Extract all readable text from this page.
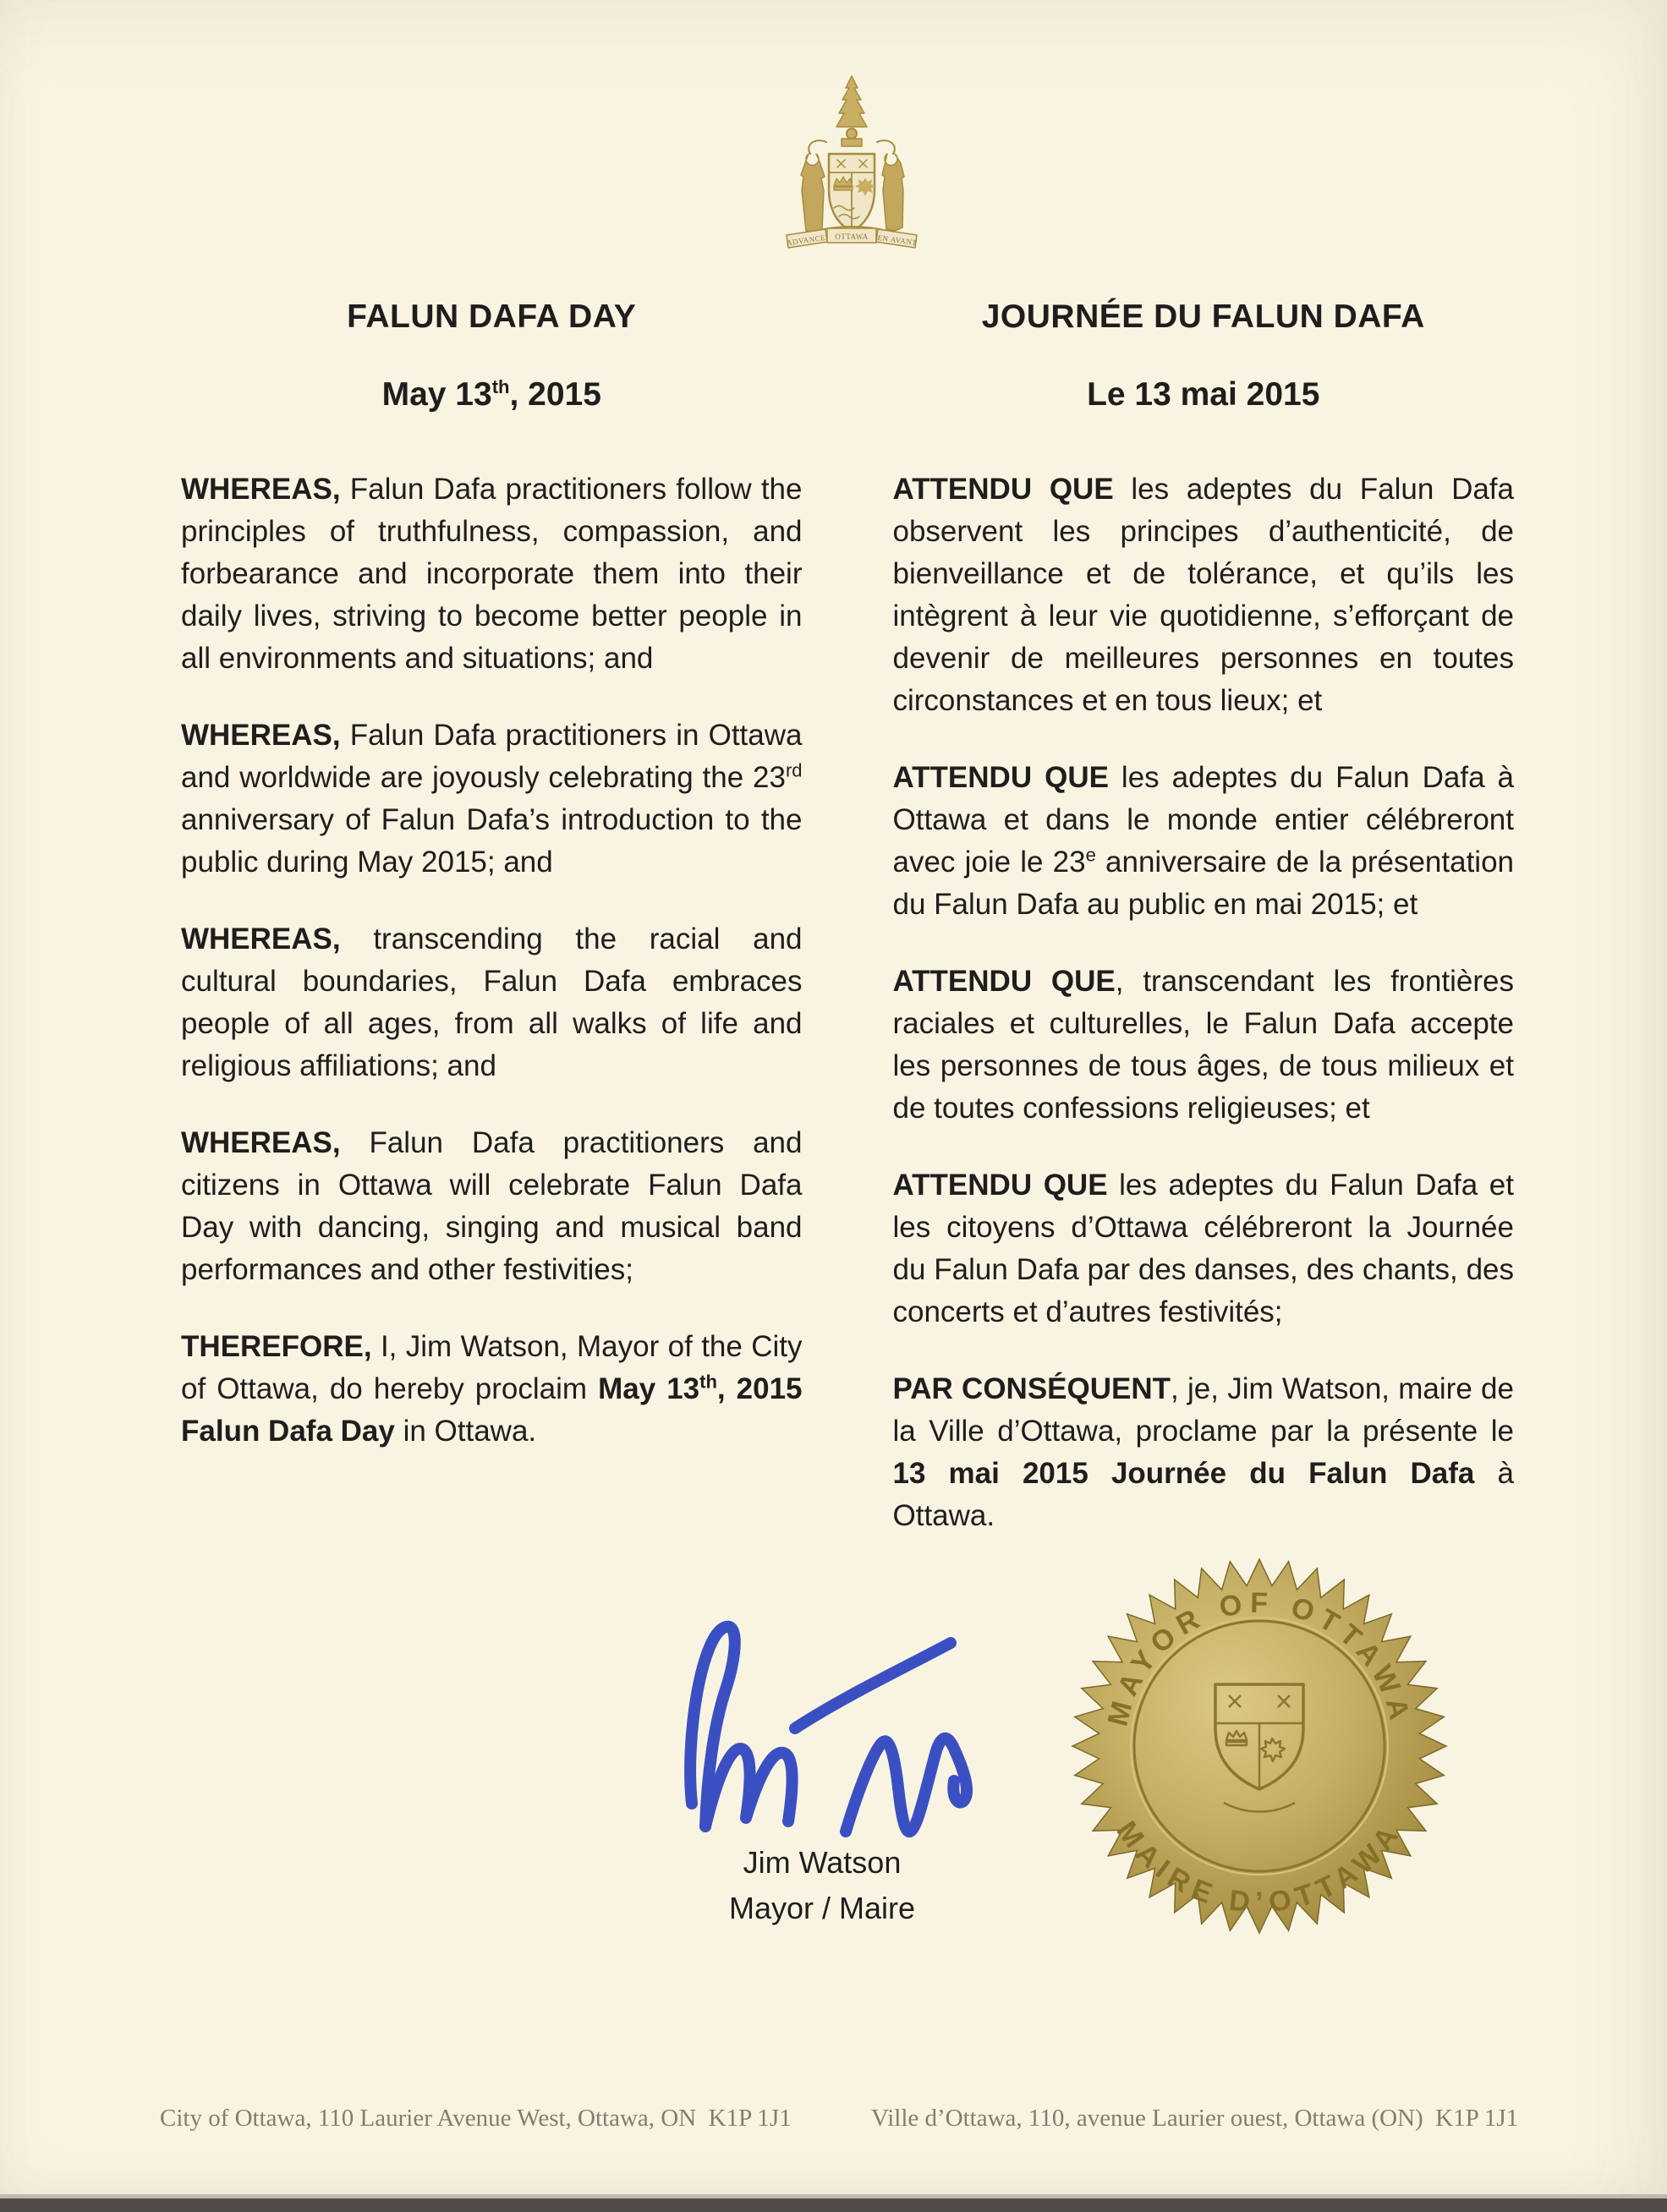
ADVANCE OTTAWA EN AVANT
FALUN DAFA DAY
May 13th, 2015

WHEREAS, Falun Dafa practitioners follow the principles of truthfulness, compassion, and forbearance and incorporate them into their daily lives, striving to become better people in all environments and situations; and

WHEREAS, Falun Dafa practitioners in Ottawa and worldwide are joyously celebrating the 23rd anniversary of Falun Dafa’s introduction to the public during May 2015; and

WHEREAS, transcending the racial and cultural boundaries, Falun Dafa embraces people of all ages, from all walks of life and religious affiliations; and

WHEREAS, Falun Dafa practitioners and citizens in Ottawa will celebrate Falun Dafa Day with dancing, singing and musical band performances and other festivities;

THEREFORE, I, Jim Watson, Mayor of the City of Ottawa, do hereby proclaim May 13th, 2015 Falun Dafa Day in Ottawa.

JOURNÉE DU FALUN DAFA
Le 13 mai 2015

ATTENDU QUE les adeptes du Falun Dafa observent les principes d’authenticité, de bienveillance et de tolérance, et qu’ils les intègrent à leur vie quotidienne, s’efforçant de devenir de meilleures personnes en toutes circonstances et en tous lieux; et

ATTENDU QUE les adeptes du Falun Dafa à Ottawa et dans le monde entier célébreront avec joie le 23e anniversaire de la présentation du Falun Dafa au public en mai 2015; et

ATTENDU QUE, transcendant les frontières raciales et culturelles, le Falun Dafa accepte les personnes de tous âges, de tous milieux et de toutes confessions religieuses; et

ATTENDU QUE les adeptes du Falun Dafa et les citoyens d’Ottawa célébreront la Journée du Falun Dafa par des danses, des chants, des concerts et d’autres festivités;

PAR CONSÉQUENT, je, Jim Watson, maire de la Ville d’Ottawa, proclame par la présente le 13 mai 2015 Journée du Falun Dafa à Ottawa.

Jim Watson
Mayor / Maire
MAYOR OF OTTAWA
MAIRE D’OTTAWA
City of Ottawa, 110 Laurier Avenue West, Ottawa, ON  K1P 1J1	Ville d’Ottawa, 110, avenue Laurier ouest, Ottawa (ON)  K1P 1J1
